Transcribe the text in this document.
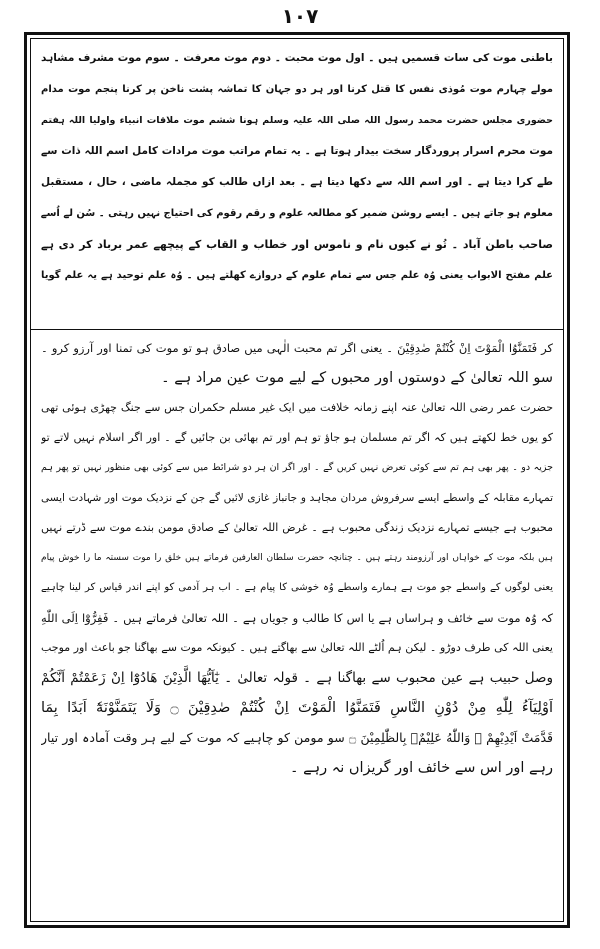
۱۰۷
باطنی موت کی سات قسمیں ہیں ۔ اول موت محبت ۔ دوم موت معرفت ۔ سوم موت مشرف مشاہد
مولے چہارم موت مُوذی نفس کا قتل کرنا اور ہر دو جہان کا تماشہ پشت ناخن پر کرنا پنجم موت مدام
حضوری مجلس حضرت محمد رسول اللہ صلی اللہ علیہ وسلم ہونا ششم موت ملاقات انبیاء واولیا اللہ ہفتم
موت محرم اسرار پروردگار سخت بیدار ہوتا ہے ۔ یہ تمام مراتب موت مرادات کامل اسم اللہ ذات سے
طے کرا دیتا ہے ۔ اور اسم اللہ سے دکھا دیتا ہے ۔ بعد ازاں طالب کو مجملہ ماضی ، حال ، مستقبل
معلوم ہو جاتے ہیں ۔ ایسے روشن ضمیر کو مطالعہ علوم و رقم رقوم کی احتیاج نہیں رہتی ۔ سُن لے اُسے
صاحب باطن آباد ۔ تُو نے کیوں نام و ناموس اور خطاب و القاب کے پیچھے عمر برباد کر دی ہے
علم مفتح الابواب یعنی وُہ علم جس سے تمام علوم کے دروازے کھلتے ہیں ۔ وُہ علم توحید ہے یہ علم گویا
کر فَتَمَنَّوُا الْمَوْتَ اِنْ كُنْتُمْ صٰدِقِیْنَ ۔ یعنی اگر تم محبت الٰہی میں صادق ہو تو موت کی تمنا اور آرزو کرو ۔
سو اللہ تعالیٰ کے دوستوں اور محبوں کے لیے موت عین مراد ہے ۔
حضرت عمر رضی اللہ تعالیٰ عنہ اپنے زمانہ خلافت میں ایک غیر مسلم حکمران جس سے جنگ چھڑی ہوئی تھی
کو یوں خط لکھتے ہیں کہ اگر تم مسلمان ہو جاؤ تو ہم اور تم بھائی بن جائیں گے ۔ اور اگر اسلام نہیں لاتے تو
جزیہ دو ۔ پھر بھی ہم تم سے کوئی تعرض نہیں کریں گے ۔ اور اگر ان ہر دو شرائط میں سے کوئی بھی منظور نہیں تو پھر ہم
تمہارے مقابلہ کے واسطے ایسے سرفروش مردان مجاہد و جانباز غازی لائیں گے جن کے نزدیک موت اور شہادت ایسی
محبوب ہے جیسے تمہارے نزدیک زندگی محبوب ہے ۔ غرض اللہ تعالیٰ کے صادق مومن بندے موت سے ڈرتے نہیں
ہیں بلکہ موت کے خواہاں اور آرزومند رہتے ہیں ۔ چنانچہ حضرت سلطان العارفین فرماتے ہیں خلق را موت سستہ ما را خوش پیام
یعنی لوگوں کے واسطے جو موت ہے ہمارے واسطے وُہ خوشی کا پیام ہے ۔ اب ہر آدمی کو اپنے اندر قیاس کر لینا چاہیے
کہ وُہ موت سے خائف و ہراساں ہے یا اس کا طالب و جویاں ہے ۔ اللہ تعالیٰ فرماتے ہیں ۔ فَفِرُّوْٓا اِلَى اللّٰهِ
یعنی اللہ کی طرف دوڑو ۔ لیکن ہم اُلٹے اللہ تعالیٰ سے بھاگتے ہیں ۔ کیونکہ موت سے بھاگنا جو باعث اور موجب
وصل حبیب ہے عین محبوب سے بھاگنا ہے ۔ قولہ تعالیٰ ۔ یٰٓاَیُّهَا الَّذِیْنَ هَادُوْٓا اِنْ زَعَمْتُمْ اَنَّكُمْ
اَوْلِیَآءُ لِلّٰهِ مِنْ دُوْنِ النَّاسِ فَتَمَنَّوُا الْمَوْتَ اِنْ كُنْتُمْ صٰدِقِیْنَ ۝ وَلَا یَتَمَنَّوْنَهٗٓ اَبَدًا بِمَا
قَدَّمَتْ اَیْدِیْهِمْ ۭ وَاللّٰهُ عَلِیْمٌۢ بِالظّٰلِمِیْنَ ۝ سو مومن کو چاہیے کہ موت کے لیے ہر وقت آمادہ اور تیار
رہے اور اس سے خائف اور گریزاں نہ رہے ۔
